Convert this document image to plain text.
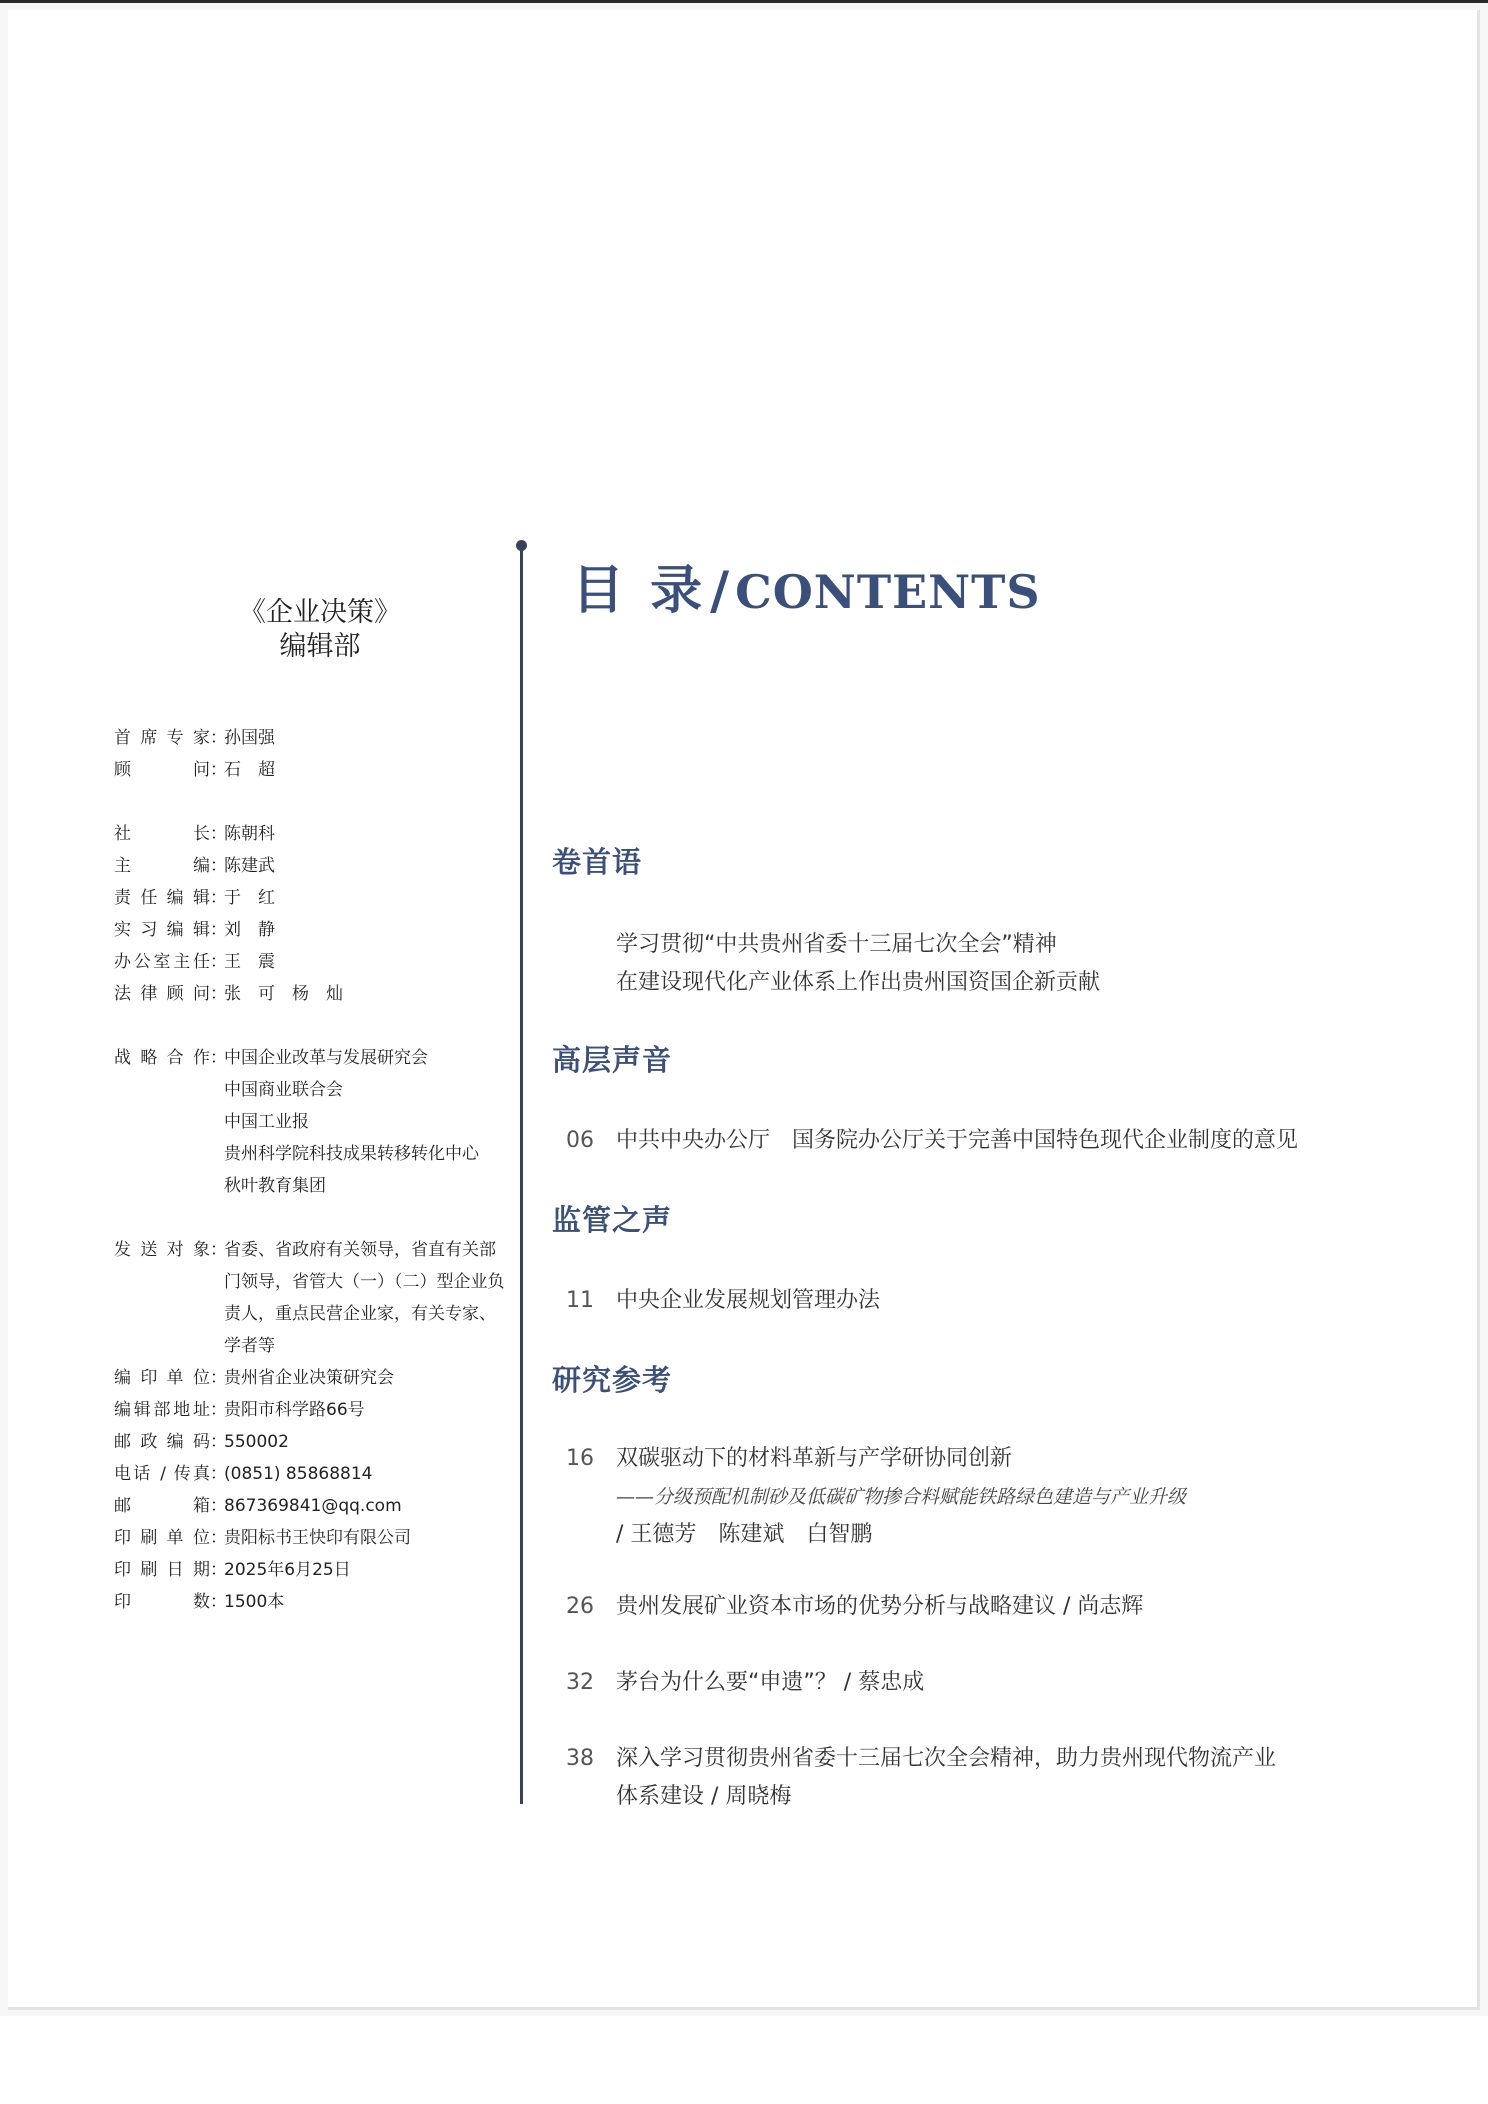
《企业决策》
编辑部
首席专家 ：
孙国强
顾问 ：
石　超
社长 ：
陈朝科
主编 ：
陈建武
责任编辑 ：
于　红
实习编辑 ：
刘　静
办公室主任 ：
王　震
法律顾问 ：
张　可　杨　灿
战略合作 ：
中国企业改革与发展研究会
中国商业联合会
中国工业报
贵州科学院科技成果转移转化中心
秋叶教育集团
发送对象 ：
省委、省政府有关领导，省直有关部
门领导，省管大（一）（二）型企业负
责人，重点民营企业家，有关专家、
学者等
编印单位 ：
贵州省企业决策研究会
编辑部地址 ：
贵阳市科学路66号
邮政编码 ：
550002
电话 / 传真 ：
(0851) 85868814
邮箱 ：
867369841@qq.com
印刷单位 ：
贵阳标书王快印有限公司
印刷日期 ：
2025年6月25日
印数 ：
1500本
目 录 / CONTENTS
卷首语
学习贯彻“中共贵州省委十三届七次全会”精神
在建设现代化产业体系上作出贵州国资国企新贡献
高层声音
06 中共中央办公厅　国务院办公厅关于完善中国特色现代企业制度的意见
监管之声
11 中央企业发展规划管理办法
研究参考
16 双碳驱动下的材料革新与产学研协同创新
——分级预配机制砂及低碳矿物掺合料赋能铁路绿色建造与产业升级
/ 王德芳　陈建斌　白智鹏
26 贵州发展矿业资本市场的优势分析与战略建议 / 尚志辉
32 茅台为什么要“申遗”？ / 蔡忠成
38 深入学习贯彻贵州省委十三届七次全会精神，助力贵州现代物流产业
体系建设 / 周晓梅
